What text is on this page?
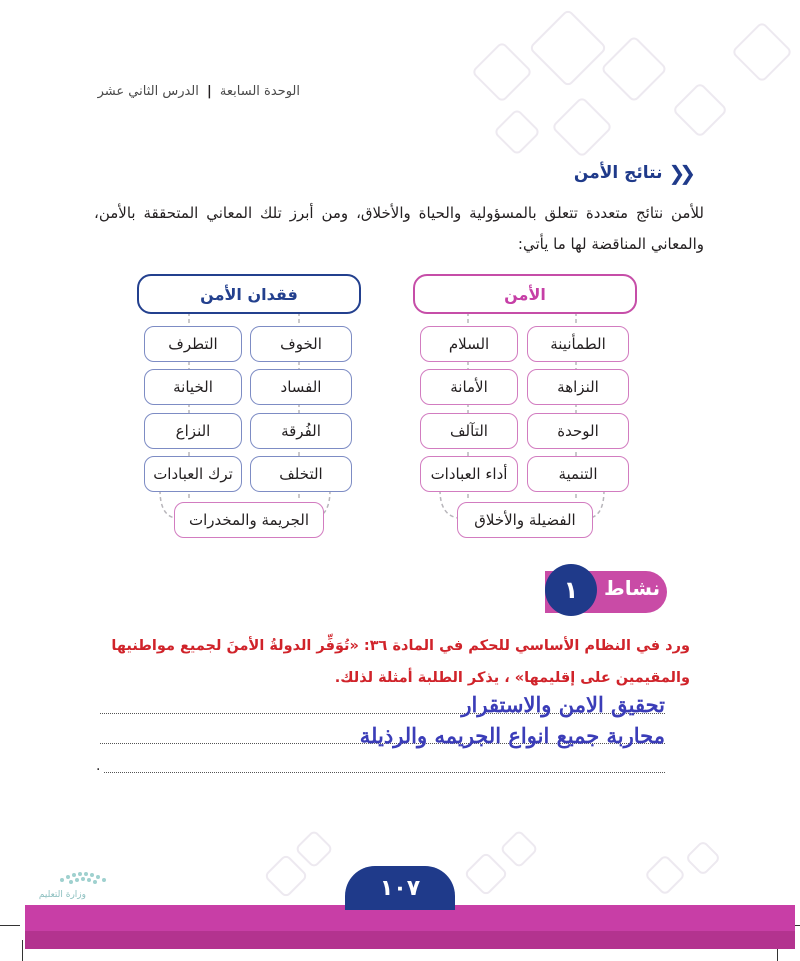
الوحدة السابعة | الدرس الثاني عشر
❮❮
نتائج الأمن
للأمن نتائج متعددة تتعلق بالمسؤولية والحياة والأخلاق، ومن أبرز تلك المعاني المتحققة بالأمن، والمعاني المناقضة لها ما يأتي:
الأمن
الطمأنينة
السلام
النزاهة
الأمانة
الوحدة
التآلف
التنمية
أداء العبادات
الفضيلة والأخلاق
فقدان الأمن
الخوف
التطرف
الفساد
الخيانة
الفُرقة
النزاع
التخلف
ترك العبادات
الجريمة والمخدرات
نشاط
١
ورد في النظام الأساسي للحكم في المادة ٣٦: «تُوَفِّر الدولةُ الأمنَ لجميع مواطنيها
والمقيمين على إقليمها» ، يذكر الطلبة أمثلة لذلك.
تحقيق الامن والاستقرار
محاربة جميع انواع الجريمه والرذيلة
.
وزارة التعليم	١٠٧
